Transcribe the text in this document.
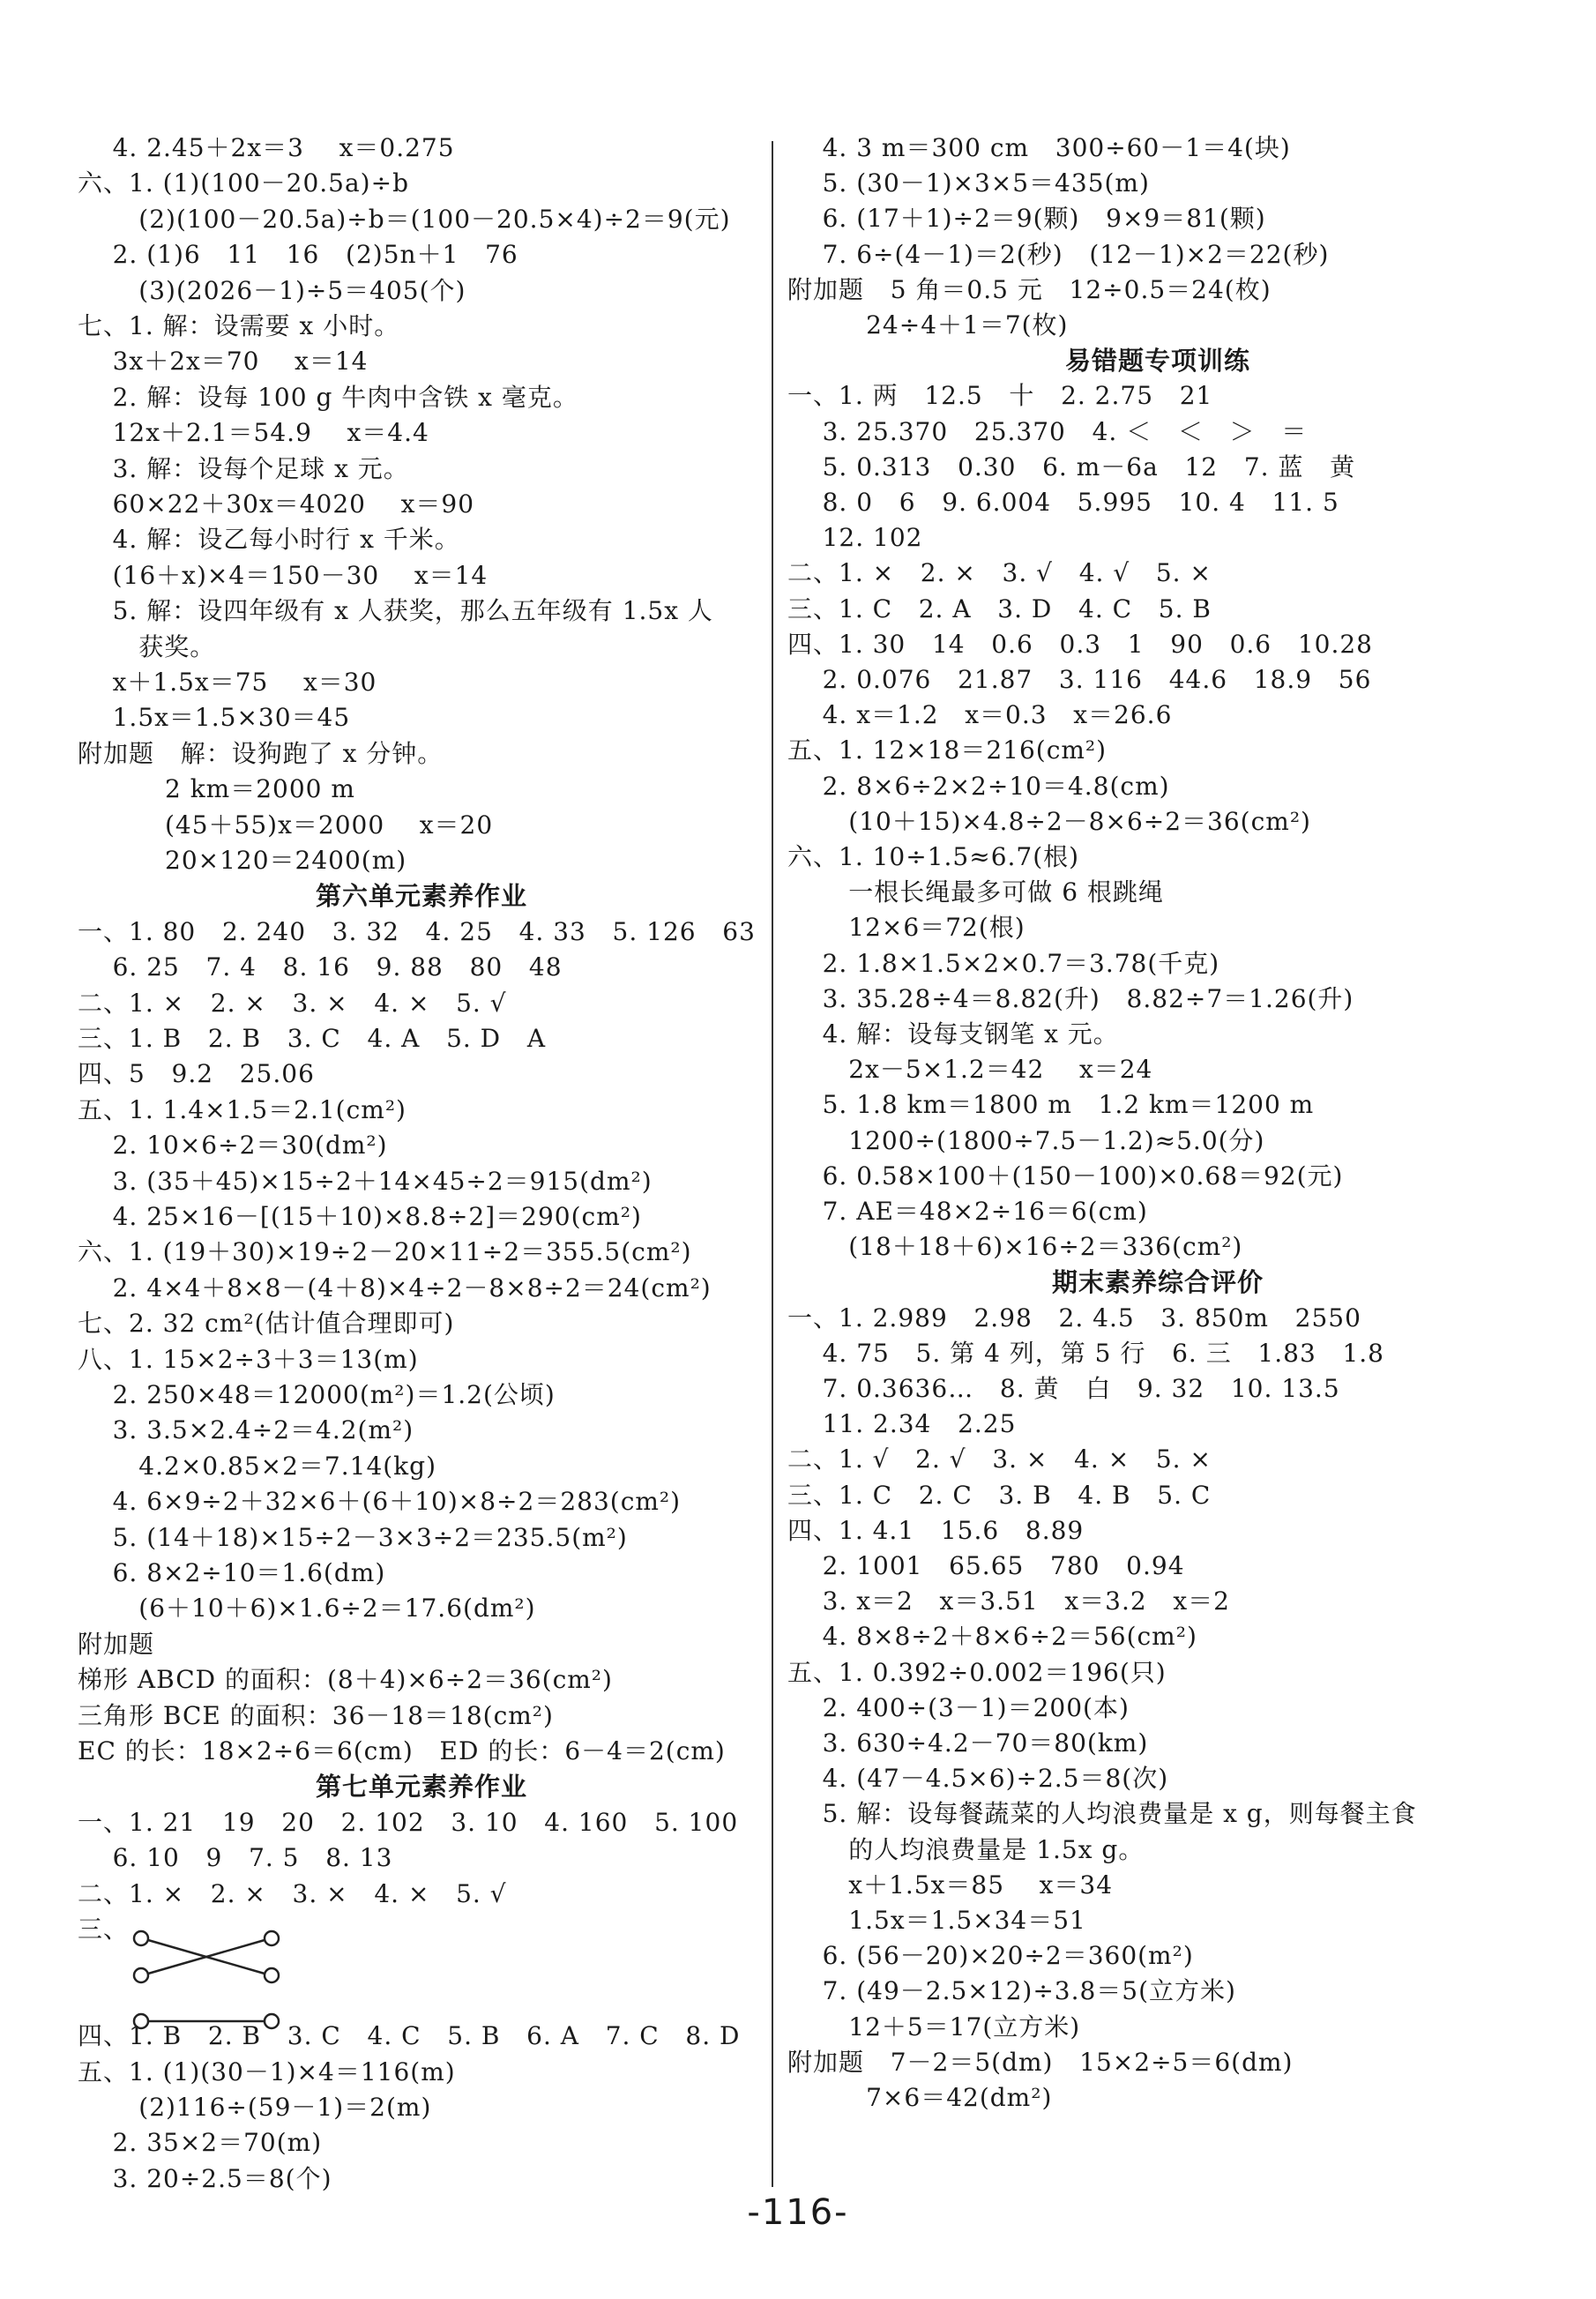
4. 2.45＋2x＝3    x＝0.275
六、1. (1)(100－20.5a)÷b
(2)(100－20.5a)÷b＝(100－20.5×4)÷2＝9(元)
2. (1)6   11   16   (2)5n＋1   76
(3)(2026－1)÷5＝405(个)
七、1. 解：设需要 x 小时。
3x＋2x＝70    x＝14
2. 解：设每 100 g 牛肉中含铁 x 毫克。
12x＋2.1＝54.9    x＝4.4
3. 解：设每个足球 x 元。
60×22＋30x＝4020    x＝90
4. 解：设乙每小时行 x 千米。
(16＋x)×4＝150－30    x＝14
5. 解：设四年级有 x 人获奖，那么五年级有 1.5x 人
获奖。
x＋1.5x＝75    x＝30
1.5x＝1.5×30＝45
附加题   解：设狗跑了 x 分钟。
2 km＝2000 m
(45＋55)x＝2000    x＝20
20×120＝2400(m)
第六单元素养作业
一、1. 80   2. 240   3. 32   4. 25   4. 33   5. 126   63
6. 25   7. 4   8. 16   9. 88   80   48
二、1. ×   2. ×   3. ×   4. ×   5. √
三、1. B   2. B   3. C   4. A   5. D   A
四、5   9.2   25.06
五、1. 1.4×1.5＝2.1(cm²)
2. 10×6÷2＝30(dm²)
3. (35＋45)×15÷2＋14×45÷2＝915(dm²)
4. 25×16－[(15＋10)×8.8÷2]＝290(cm²)
六、1. (19＋30)×19÷2－20×11÷2＝355.5(cm²)
2. 4×4＋8×8－(4＋8)×4÷2－8×8÷2＝24(cm²)
七、2. 32 cm²(估计值合理即可)
八、1. 15×2÷3＋3＝13(m)
2. 250×48＝12000(m²)＝1.2(公顷)
3. 3.5×2.4÷2＝4.2(m²)
4.2×0.85×2＝7.14(kg)
4. 6×9÷2＋32×6＋(6＋10)×8÷2＝283(cm²)
5. (14＋18)×15÷2－3×3÷2＝235.5(m²)
6. 8×2÷10＝1.6(dm)
(6＋10＋6)×1.6÷2＝17.6(dm²)
附加题
梯形 ABCD 的面积：(8＋4)×6÷2＝36(cm²)
三角形 BCE 的面积：36－18＝18(cm²)
EC 的长：18×2÷6＝6(cm)   ED 的长：6－4＝2(cm)
第七单元素养作业
一、1. 21   19   20   2. 102   3. 10   4. 160   5. 100
6. 10   9   7. 5   8. 13
二、1. ×   2. ×   3. ×   4. ×   5. √
三、
四、1. B   2. B   3. C   4. C   5. B   6. A   7. C   8. D
五、1. (1)(30－1)×4＝116(m)
(2)116÷(59－1)＝2(m)
2. 35×2＝70(m)
3. 20÷2.5＝8(个)
4. 3 m＝300 cm   300÷60－1＝4(块)
5. (30－1)×3×5＝435(m)
6. (17＋1)÷2＝9(颗)   9×9＝81(颗)
7. 6÷(4－1)＝2(秒)   (12－1)×2＝22(秒)
附加题   5 角＝0.5 元   12÷0.5＝24(枚)
24÷4＋1＝7(枚)
易错题专项训练
一、1. 两   12.5   十   2. 2.75   21
3. 25.370   25.370   4. ＜   ＜   ＞   ＝
5. 0.313   0.30   6. m－6a   12   7. 蓝   黄
8. 0   6   9. 6.004   5.995   10. 4   11. 5
12. 102
二、1. ×   2. ×   3. √   4. √   5. ×
三、1. C   2. A   3. D   4. C   5. B
四、1. 30   14   0.6   0.3   1   90   0.6   10.28
2. 0.076   21.87   3. 116   44.6   18.9   56
4. x＝1.2   x＝0.3   x＝26.6
五、1. 12×18＝216(cm²)
2. 8×6÷2×2÷10＝4.8(cm)
(10＋15)×4.8÷2－8×6÷2＝36(cm²)
六、1. 10÷1.5≈6.7(根)
一根长绳最多可做 6 根跳绳
12×6＝72(根)
2. 1.8×1.5×2×0.7＝3.78(千克)
3. 35.28÷4＝8.82(升)   8.82÷7＝1.26(升)
4. 解：设每支钢笔 x 元。
2x－5×1.2＝42    x＝24
5. 1.8 km＝1800 m   1.2 km＝1200 m
1200÷(1800÷7.5－1.2)≈5.0(分)
6. 0.58×100＋(150－100)×0.68＝92(元)
7. AE＝48×2÷16＝6(cm)
(18＋18＋6)×16÷2＝336(cm²)
期末素养综合评价
一、1. 2.989   2.98   2. 4.5   3. 850m   2550
4. 75   5. 第 4 列，第 5 行   6. 三   1.83   1.8
7. 0.3636…   8. 黄   白   9. 32   10. 13.5
11. 2.34   2.25
二、1. √   2. √   3. ×   4. ×   5. ×
三、1. C   2. C   3. B   4. B   5. C
四、1. 4.1   15.6   8.89
2. 1001   65.65   780   0.94
3. x＝2   x＝3.51   x＝3.2   x＝2
4. 8×8÷2＋8×6÷2＝56(cm²)
五、1. 0.392÷0.002＝196(只)
2. 400÷(3－1)＝200(本)
3. 630÷4.2－70＝80(km)
4. (47－4.5×6)÷2.5＝8(次)
5. 解：设每餐蔬菜的人均浪费量是 x g，则每餐主食
的人均浪费量是 1.5x g。
x＋1.5x＝85    x＝34
1.5x＝1.5×34＝51
6. (56－20)×20÷2＝360(m²)
7. (49－2.5×12)÷3.8＝5(立方米)
12＋5＝17(立方米)
附加题   7－2＝5(dm)   15×2÷5＝6(dm)
7×6＝42(dm²)
-116-
